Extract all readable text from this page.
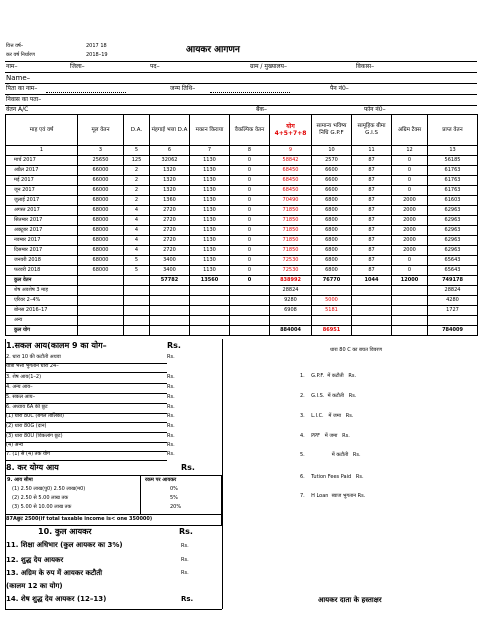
वित्त वर्ष–	2017 18
कर वर्ष निर्धारण	2018–19	आयकर आगणन
नाम–	जिला–	पद–	ग्राम / मुख्यालय–	विकास–
Name–
पिता का नाम–	जन्म तिथि–	पैन नं0–
निवास का पता–
वेतन A/C	बैंक–	फोन नं0–
माह एवं वर्ष	मूल वेतन	D.A.	मंहगाई भत्ता D.A	मकान किराया	वैकल्पिक वेतन	योग 4+5+7+8	सामान्य भविष्य निधि G.P.F	सामूहिक बीमा G.I.S	अग्रिम टैक्स	प्राप्त वेतन
1	3	5	6	7	8	9	10	11	12	13
मार्च 2017	25650	125	32062	1130	0	58842	2570	87	0	56185
अप्रैल 2017	66000	2	1320	1130	0	68450	6600	87	0	61763
मई 2017	66000	2	1320	1130	0	68450	6600	87	0	61763
जून 2017	66000	2	1320	1130	0	68450	6600	87	0	61763
जुलाई 2017	68000	2	1360	1130	0	70490	6800	87	2000	61603
अगस्त 2017	68000	4	2720	1130	0	71850	6800	87	2000	62963
सितम्बर 2017	68000	4	2720	1130	0	71850	6800	87	2000	62963
अक्टूबर 2017	68000	4	2720	1130	0	71850	6800	87	2000	62963
नवम्बर 2017	68000	4	2720	1130	0	71850	6800	87	2000	62963
दिसम्बर 2017	68000	4	2720	1130	0	71850	6800	87	2000	62963
जनवरी 2018	68000	5	3400	1130	0	72530	6800	87	0	65643
फरवरी 2018	68000	5	3400	1130	0	72530	6800	87	0	65643
कुल वेतन			57782	13560	0	838992	76770	1044	12000	749178
शेष अवशेष 3 माह						28824				28824
एरियर 2–4%						9280	5000			4280
बोनस 2016–17						6908	5181			1727
अन्य										
कुल योग						884004	86951			784009
1.सकल आय(कालम 9 का योग–	Rs.
2. धारा 10 की कटौती अथवा	Rs.
यात्रा भत्ता भुगतान धारा 24–
3. शेष आय(1–2)	Rs.
4. अन्य आय–	Rs.
5. सकल आय–	Rs.
6. अध्याय 6A की छूट	Rs.
(1) धारा 80C (बगल तालिका)	Rs.
(2) धारा 80G (दान)	Rs.
(3) धारा 80U (विकलांग छूट)	Rs.
(4) अन्य	Rs.
7. (1) से (4) तक योग	Rs.
8. कर योग्य आय	Rs.
9. आय सीमा	रकम पर आयकर
(1) 2.50 लाख(पु0) 2.50 लाख(म0)	0%
(2) 2.50 से 5.00 लाख तक	5%
(3) 5.00 से 10.00 लाख तक	20%
87Aछूट 2500(if total taxable income is< one 350000)
10. कुल आयकर	Rs.
11. शिक्षा अधिभार (कुल आयकर का 3%)	Rs.
12. शुद्ध देय आयकर	Rs.
13. अग्रिम के रुप में आयकर कटौती	Rs.
(कालम 12 का योग)
14. शेष शुद्ध देय आयकर (12–13)	Rs.
धारा 80 C का बचत विवरण
1.    G.P.F.  में कटौती   Rs.
2.    G.I.S.  में कटौती   Rs.
3.    L.I.C.   में जमा   Rs.
4.    PPF   में जमा   Rs.
5.                 में कटौती   Rs.
6.    Tution Fees Paid   Rs.
7.    H Loan  ब्याज भुगतान Rs.
आयकर दाता के हस्ताक्षर
